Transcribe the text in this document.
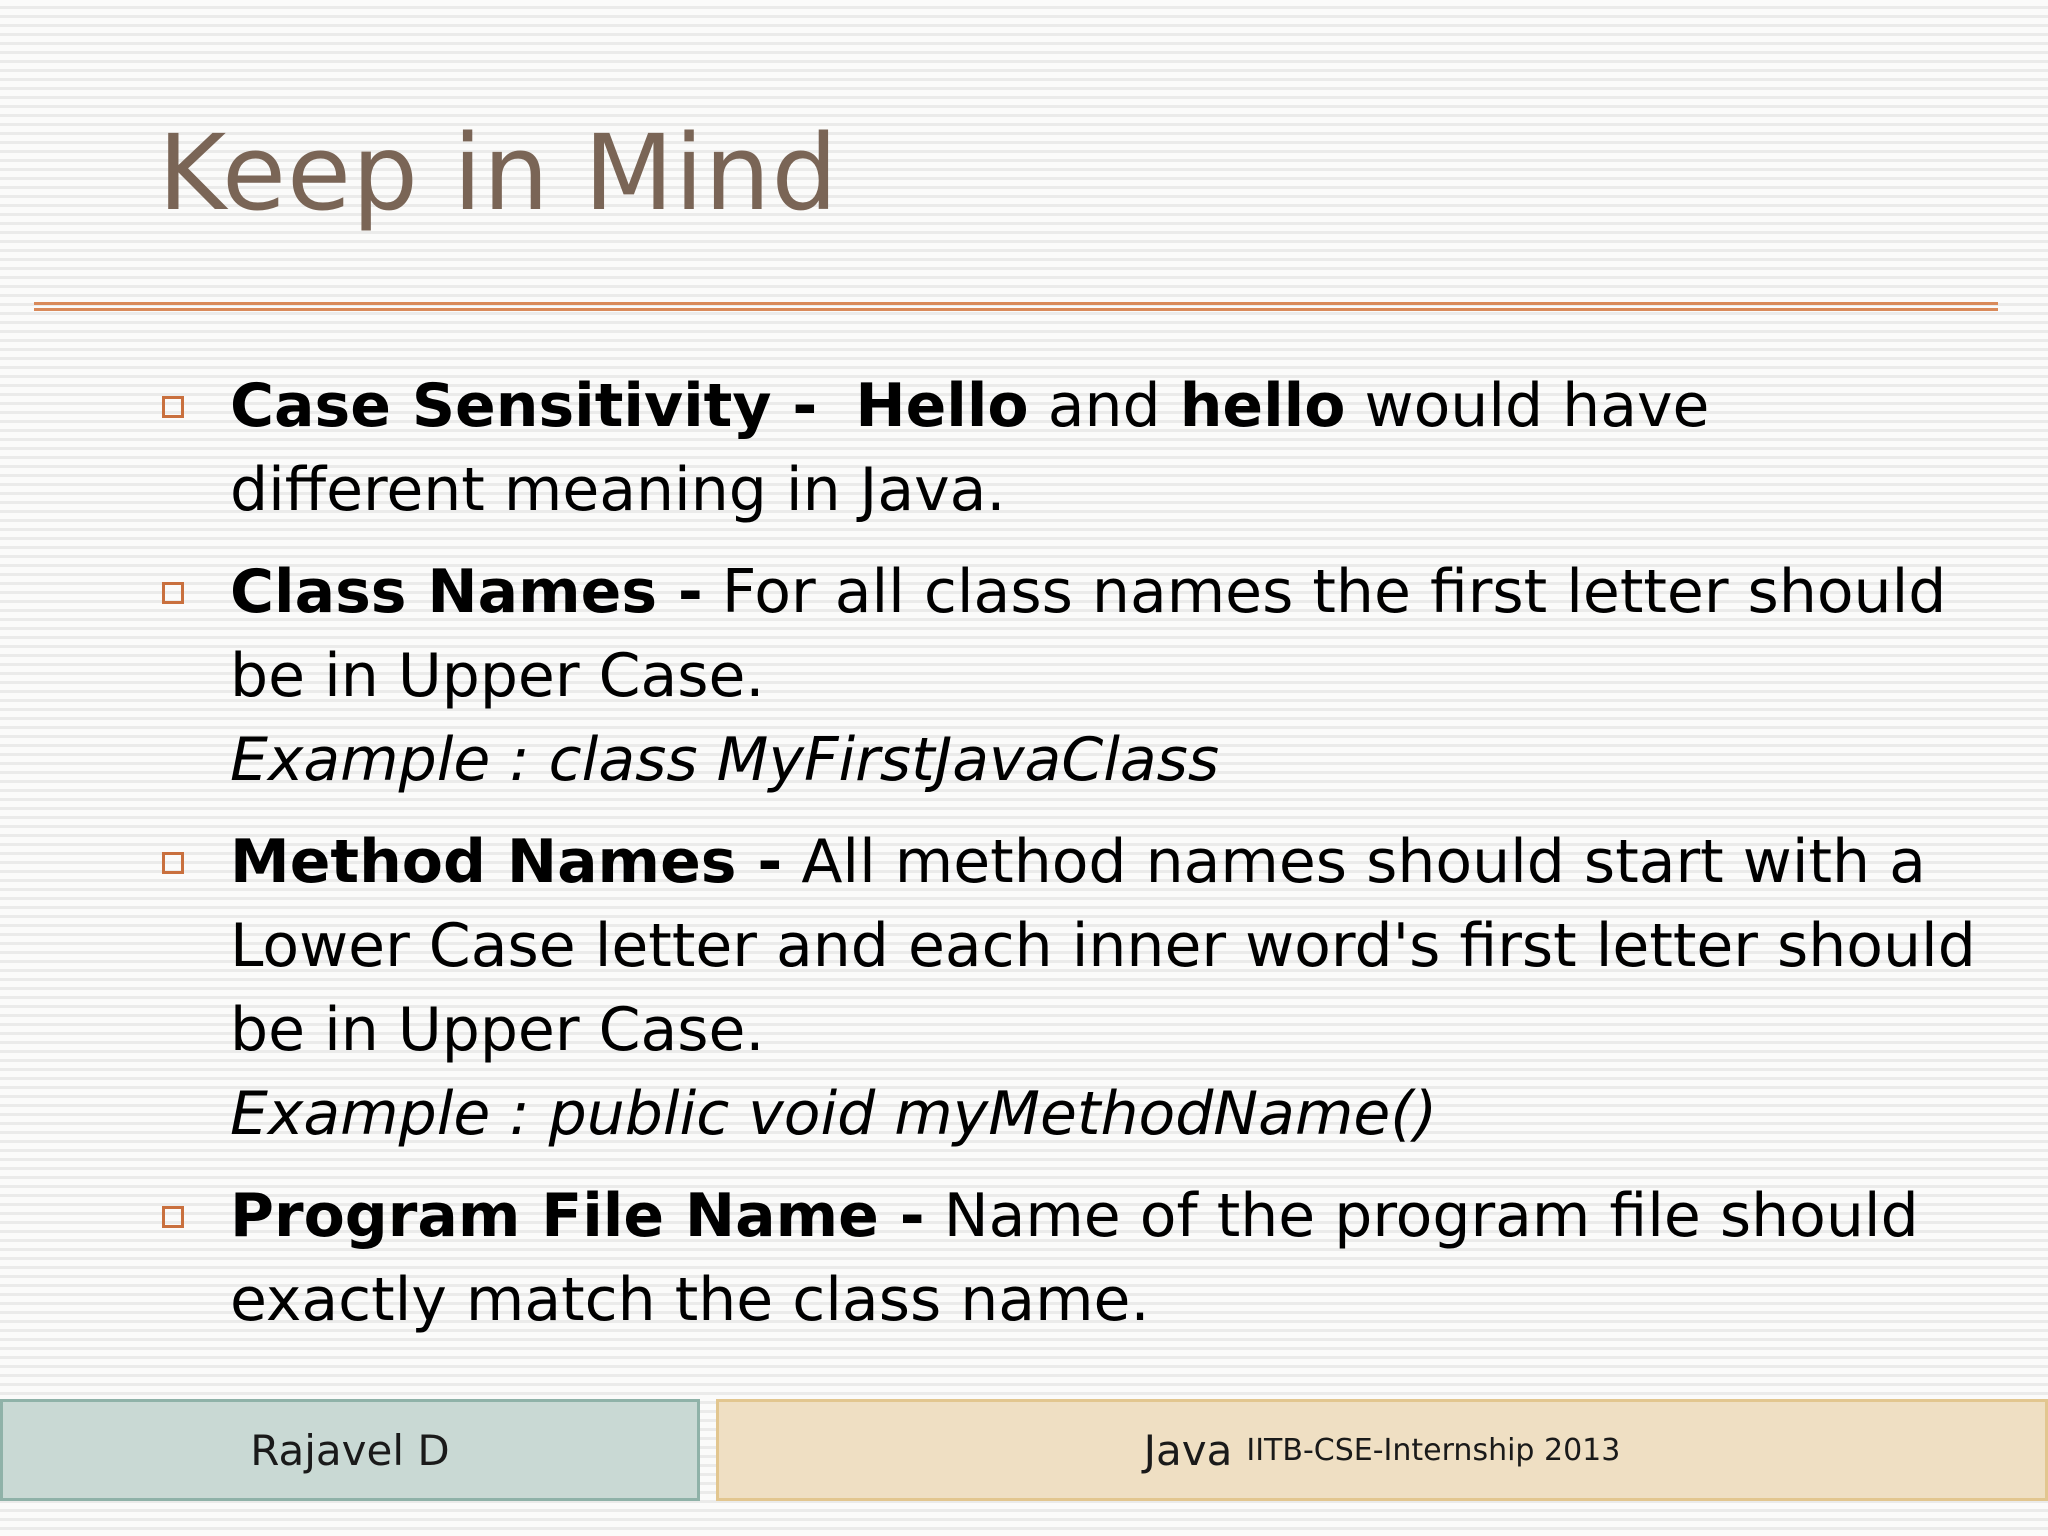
Keep in Mind
Case Sensitivity - Hello and hello would have different meaning in Java.
Class Names - For all class names the first letter should be in Upper Case.
Example : class MyFirstJavaClass
Method Names - All method names should start with a Lower Case letter and each inner word's first letter should be in Upper Case.
Example : public void myMethodName()
Program File Name - Name of the program file should exactly match the class name.
Rajavel D	Java IITB-CSE-Internship 2013
